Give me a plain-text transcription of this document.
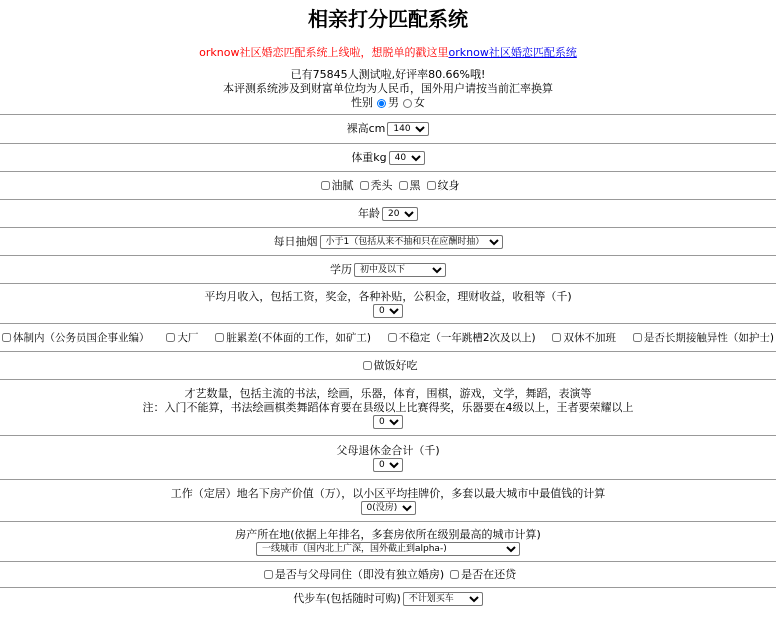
相亲打分匹配系统
orknow社区婚恋匹配系统上线啦，想脱单的戳这里orknow社区婚恋匹配系统
已有75845人测试啦,好评率80.66%哦!
本评测系统涉及到财富单位均为人民币，国外用户请按当前汇率换算
性别 男 女
裸高cm
140
体重kg
40
油腻 秃头 黑 纹身
年龄
20
每日抽烟
小于1（包括从来不抽和只在应酬时抽）
学历
初中及以下
平均月收入，包括工资，奖金，各种补贴，公积金，理财收益，收租等（千)
0
体制内（公务员国企事业编）	大厂	脏累差(不体面的工作，如矿工)	不稳定（一年跳槽2次及以上)	双休不加班	是否长期接触异性（如护士)
做饭好吃
才艺数量，包括主流的书法，绘画，乐器，体育，围棋，游戏，文学，舞蹈，表演等
注：入门不能算，书法绘画棋类舞蹈体育要在县级以上比赛得奖，乐器要在4级以上，王者要荣耀以上
0
父母退休金合计（千)
0
工作（定居）地名下房产价值（万），以小区平均挂牌价，多套以最大城市中最值钱的计算
0(没房)
房产所在地(依据上年排名，多套房依所在级别最高的城市计算)
一线城市（国内北上广深，国外截止到alpha-)
是否与父母同住（即没有独立婚房) 是否在还贷
代步车(包括随时可购)
不计划买车
